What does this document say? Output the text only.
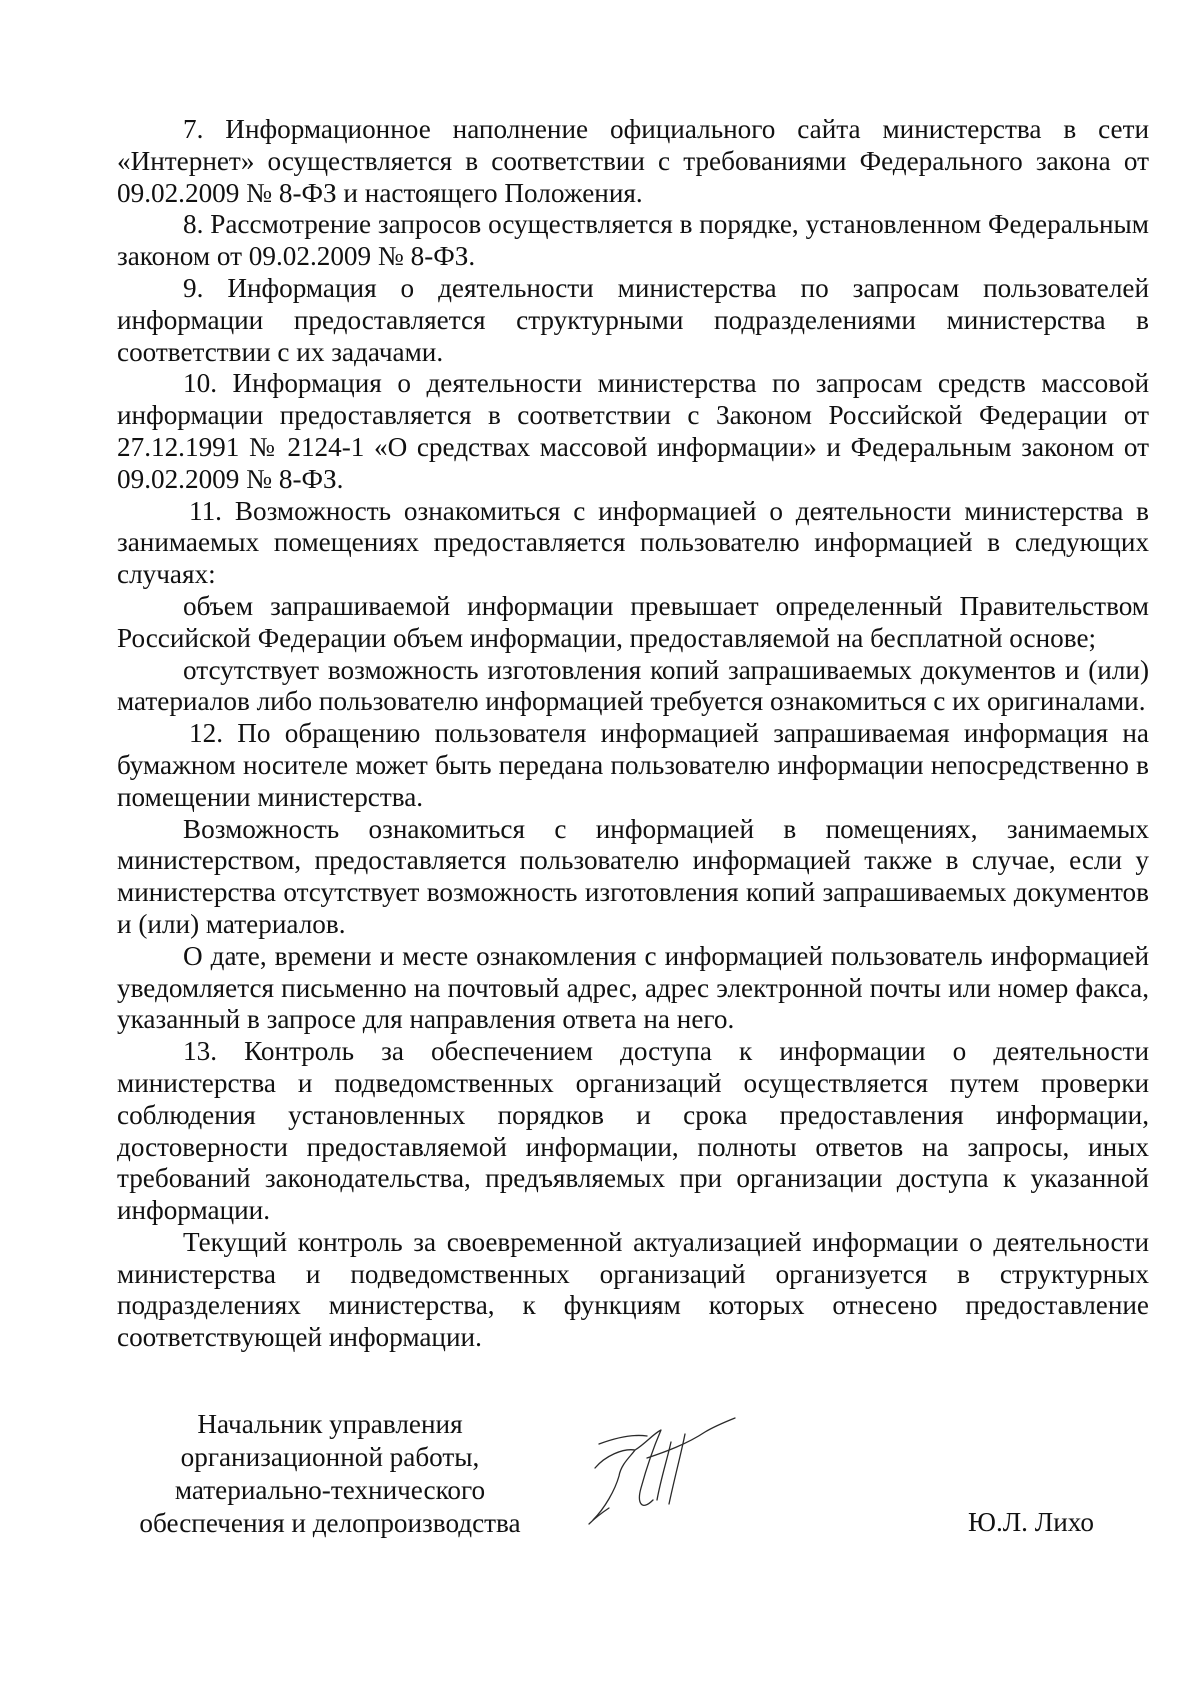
7. Информационное наполнение официального сайта министерства в сети «Интернет» осуществляется в соответствии с требованиями Федерального закона от 09.02.2009 № 8-ФЗ и настоящего Положения.

8. Рассмотрение запросов осуществляется в порядке, установленном Федеральным законом от 09.02.2009 № 8-ФЗ.

9. Информация о деятельности министерства по запросам пользователей информации предоставляется структурными подразделениями министерства в соответствии с их задачами.

10. Информация о деятельности министерства по запросам средств массовой информации предоставляется в соответствии с Законом Российской Федерации от 27.12.1991 № 2124-1 «О средствах массовой информации» и Федеральным законом от 09.02.2009 № 8-ФЗ.

11. Возможность ознакомиться с информацией о деятельности министерства в занимаемых помещениях предоставляется пользователю информацией в следующих случаях:

объем запрашиваемой информации превышает определенный Правительством Российской Федерации объем информации, предоставляемой на бесплатной основе;

отсутствует возможность изготовления копий запрашиваемых документов и (или) материалов либо пользователю информацией требуется ознакомиться с их оригиналами.

12. По обращению пользователя информацией запрашиваемая информация на бумажном носителе может быть передана пользователю информации непосредственно в помещении министерства.

Возможность ознакомиться с информацией в помещениях, занимаемых министерством, предоставляется пользователю информацией также в случае, если у министерства отсутствует возможность изготовления копий запрашиваемых документов и (или) материалов.

О дате, времени и месте ознакомления с информацией пользователь информацией уведомляется письменно на почтовый адрес, адрес электронной почты или номер факса, указанный в запросе для направления ответа на него.

13. Контроль за обеспечением доступа к информации о деятельности министерства и подведомственных организаций осуществляется путем проверки соблюдения установленных порядков и срока предоставления информации, достоверности предоставляемой информации, полноты ответов на запросы, иных требований законодательства, предъявляемых при организации доступа к указанной информации.

Текущий контроль за своевременной актуализацией информации о деятельности министерства и подведомственных организаций организуется в структурных подразделениях министерства, к функциям которых отнесено предоставление соответствующей информации.

Начальник управления
организационной работы,
материально-технического
обеспечения и делопроизводства	Ю.Л. Лихо
